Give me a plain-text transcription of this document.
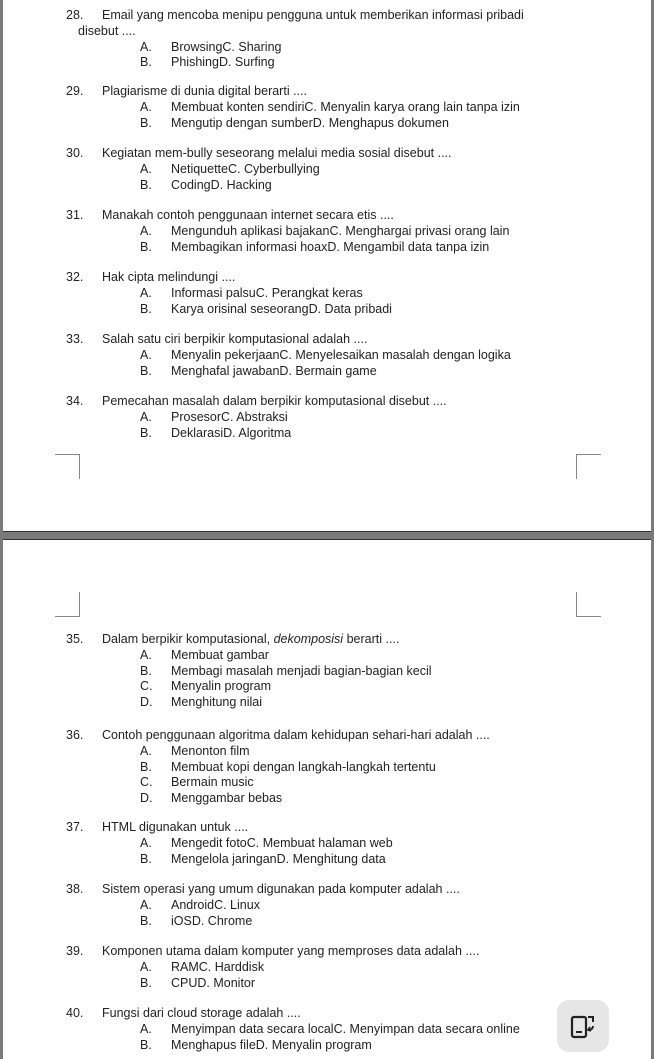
28. Email yang mencoba menipu pengguna untuk memberikan informasi pribadi
disebut ....
A. BrowsingC. Sharing
B. PhishingD. Surfing
29. Plagiarisme di dunia digital berarti ....
A. Membuat konten sendiriC. Menyalin karya orang lain tanpa izin
B. Mengutip dengan sumberD. Menghapus dokumen
30. Kegiatan mem-bully seseorang melalui media sosial disebut ....
A. NetiquetteC. Cyberbullying
B. CodingD. Hacking
31. Manakah contoh penggunaan internet secara etis ....
A. Mengunduh aplikasi bajakanC. Menghargai privasi orang lain
B. Membagikan informasi hoaxD. Mengambil data tanpa izin
32. Hak cipta melindungi ....
A. Informasi palsuC. Perangkat keras
B. Karya orisinal seseorangD. Data pribadi
33. Salah satu ciri berpikir komputasional adalah ....
A. Menyalin pekerjaanC. Menyelesaikan masalah dengan logika
B. Menghafal jawabanD. Bermain game
34. Pemecahan masalah dalam berpikir komputasional disebut ....
A. ProsesorC. Abstraksi
B. DeklarasiD. Algoritma
35. Dalam berpikir komputasional, dekomposisi berarti ....
A. Membuat gambar
B. Membagi masalah menjadi bagian-bagian kecil
C. Menyalin program
D. Menghitung nilai
36. Contoh penggunaan algoritma dalam kehidupan sehari-hari adalah ....
A. Menonton film
B. Membuat kopi dengan langkah-langkah tertentu
C. Bermain music
D. Menggambar bebas
37. HTML digunakan untuk ....
A. Mengedit fotoC. Membuat halaman web
B. Mengelola jaringanD. Menghitung data
38. Sistem operasi yang umum digunakan pada komputer adalah ....
A. AndroidC. Linux
B. iOSD. Chrome
39. Komponen utama dalam komputer yang memproses data adalah ....
A. RAMC. Harddisk
B. CPUD. Monitor
40. Fungsi dari cloud storage adalah ....
A. Menyimpan data secara localC. Menyimpan data secara online
B. Menghapus fileD. Menyalin program
